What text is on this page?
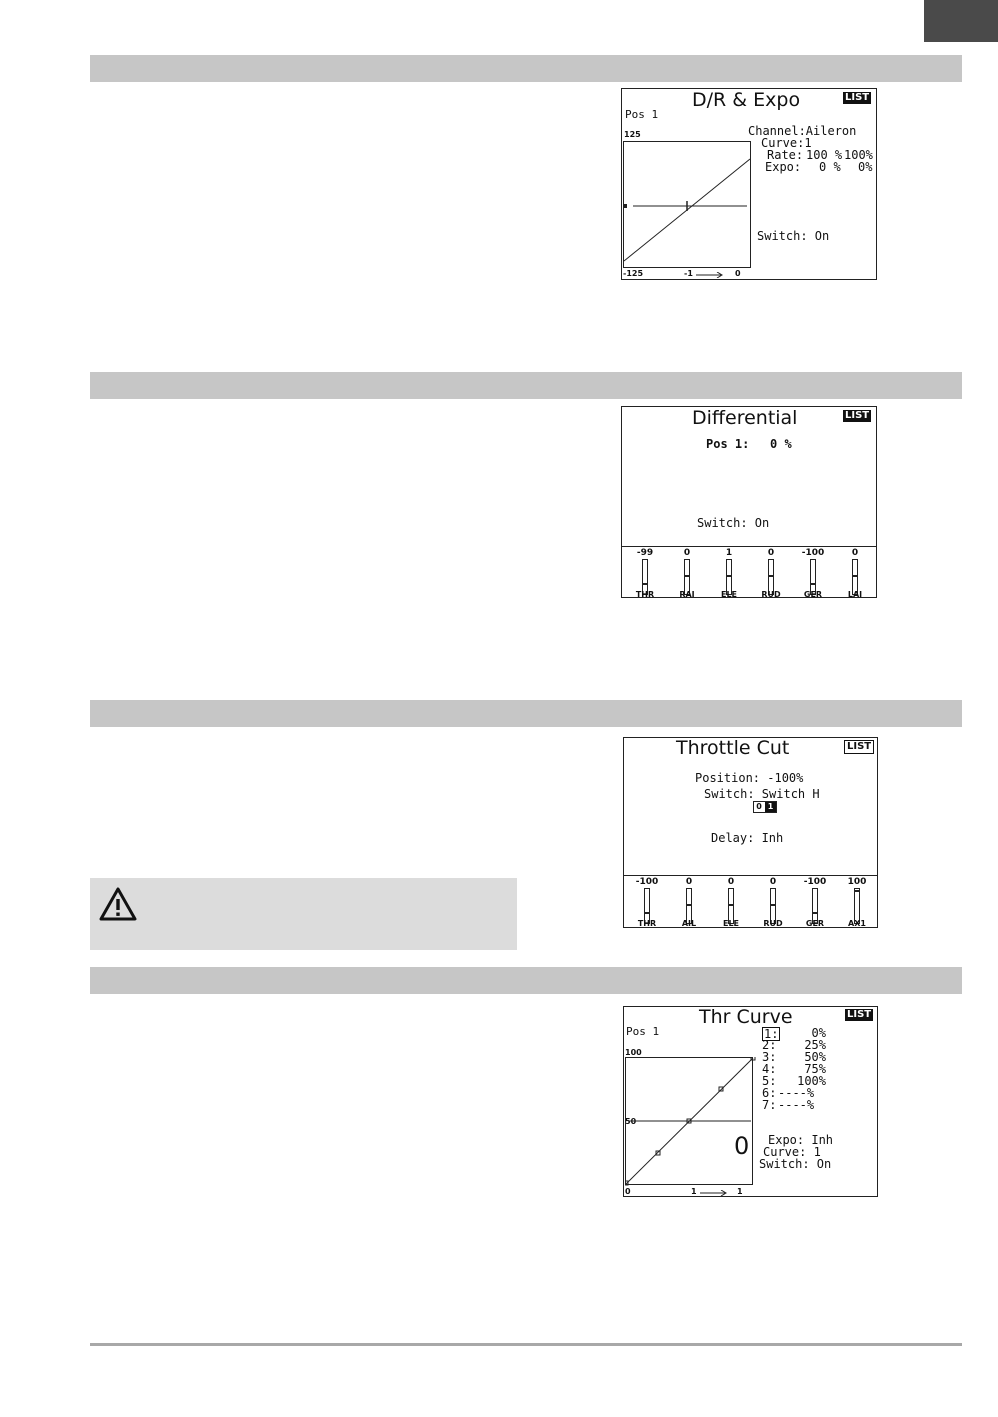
D/R & Expo	LIST
Pos 1
125	Channel:Aileron
Curve:1
Rate: 100 % 100%
Expo: 0 % 0%
Switch: On
-125	-1	0
Differential	LIST
Pos 1: 0 %
Switch: On
-99
THR
0
RAI
1
ELE
0
RUD
-100
GER
0
LAI
Throttle Cut	LIST
Position: -100%
Switch: Switch H
0 1
Delay: Inh
-100
THR
0
AIL
0
ELE
0
RUD
-100
GER
100
AX1
Thr Curve	LIST
Pos 1
100
50
1:	0%
2: 25%
3: 50%
4: 75%
5: 100%
6: ----%
7: ----%
0 Expo: Inh
Curve: 1
Switch: On
0	1	1
